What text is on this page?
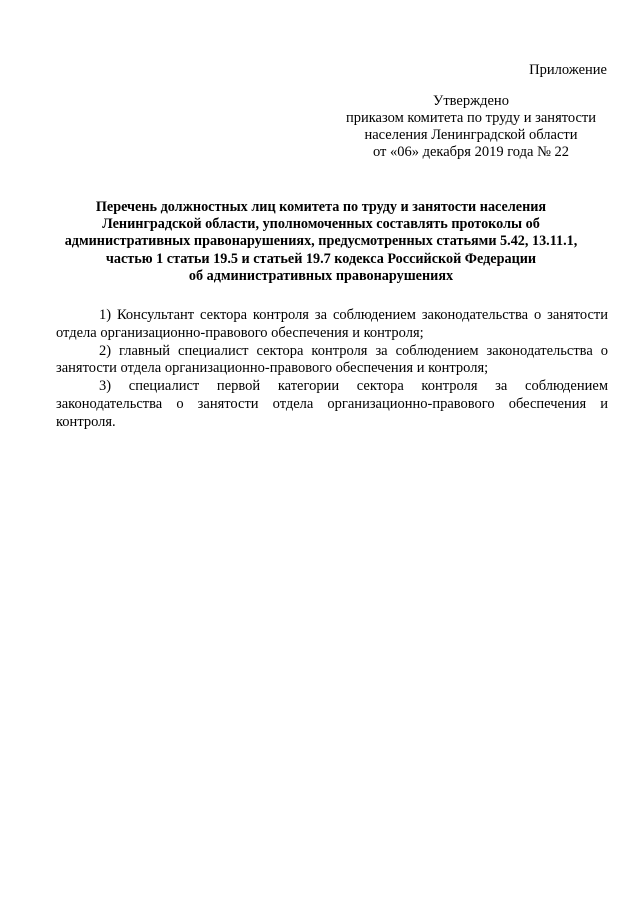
Приложение
Утверждено
приказом комитета по труду и занятости
населения Ленинградской области
от «06» декабря 2019 года № 22
Перечень должностных лиц комитета по труду и занятости населения
Ленинградской области, уполномоченных составлять протоколы об
административных правонарушениях, предусмотренных статьями 5.42, 13.11.1,
частью 1 статьи 19.5 и статьей 19.7 кодекса Российской Федерации
об административных правонарушениях

1) Консультант сектора контроля за соблюдением законодательства о занятости отдела организационно-правового обеспечения и контроля;

2) главный специалист сектора контроля за соблюдением законодательства о занятости отдела организационно-правового обеспечения и контроля;

3) специалист первой категории сектора контроля за соблюдением законодательства о занятости отдела организационно-правового обеспечения и контроля.
